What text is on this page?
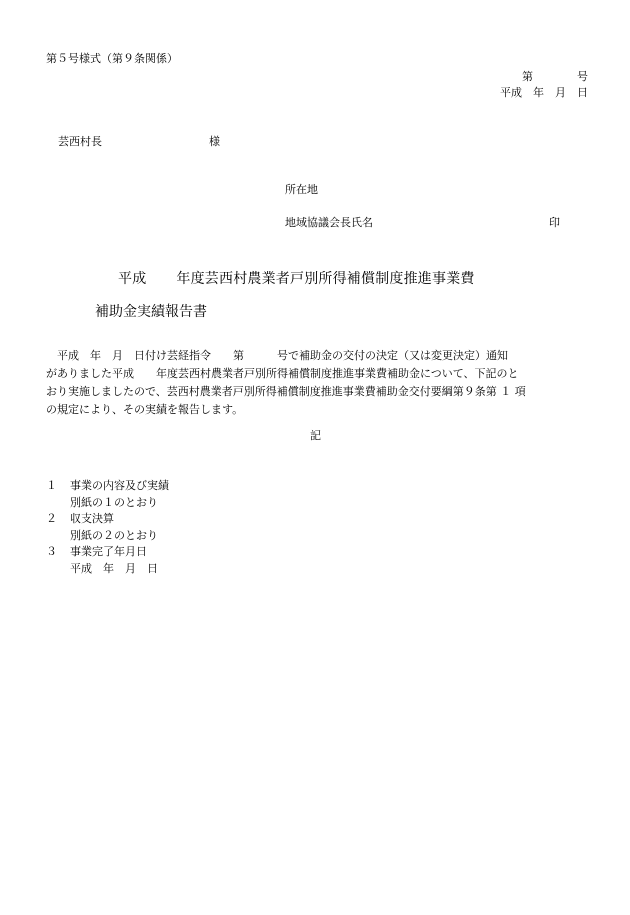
第５号様式（第９条関係）
第　　　　号
平成　年　月　日
芸西村長	様
所在地
地域協議会長氏名	印
平成 年度芸西村農業者戸別所得補償制度推進事業費
補助金実績報告書
　平成　年　月　日付け芸経指令　　第　　　号で補助金の交付の決定（又は変更決定）通知
がありました平成　　年度芸西村農業者戸別所得補償制度推進事業費補助金について、下記のと
おり実施しましたので、芸西村農業者戸別所得補償制度推進事業費補助金交付要綱第９条第 １ 項
の規定により、その実績を報告します。
記
１	事業の内容及び実績
別紙の１のとおり
２	収支決算
別紙の２のとおり
３	事業完了年月日
平成　年　月　日
